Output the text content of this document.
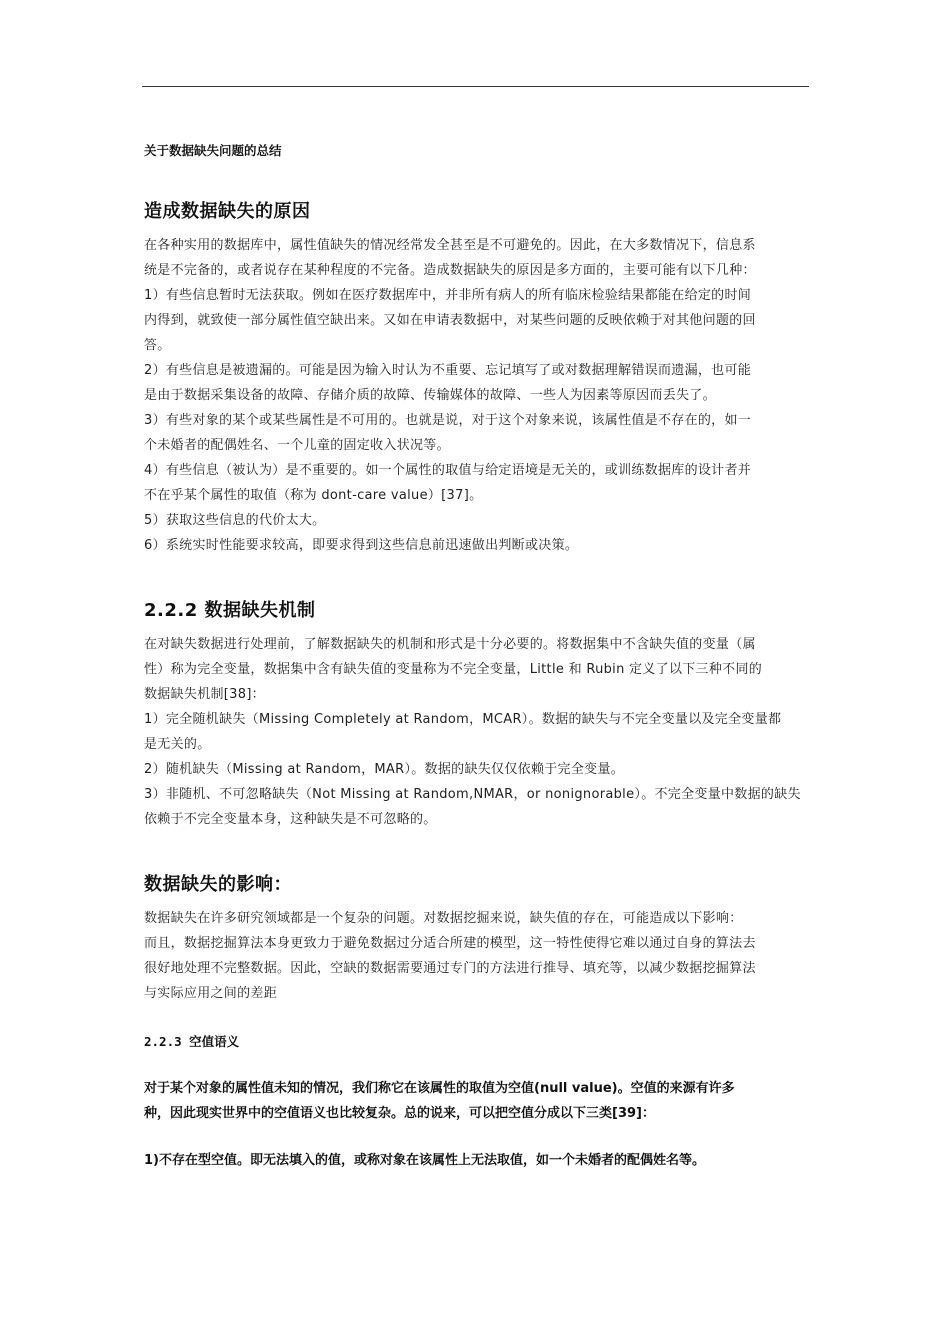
关于数据缺失问题的总结
造成数据缺失的原因

在各种实用的数据库中，属性值缺失的情况经常发全甚至是不可避免的。因此，在大多数情况下，信息系

统是不完备的，或者说存在某种程度的不完备。造成数据缺失的原因是多方面的，主要可能有以下几种：

1）有些信息暂时无法获取。例如在医疗数据库中，并非所有病人的所有临床检验结果都能在给定的时间

内得到，就致使一部分属性值空缺出来。又如在申请表数据中，对某些问题的反映依赖于对其他问题的回

答。

2）有些信息是被遗漏的。可能是因为输入时认为不重要、忘记填写了或对数据理解错误而遗漏，也可能

是由于数据采集设备的故障、存储介质的故障、传输媒体的故障、一些人为因素等原因而丢失了。

3）有些对象的某个或某些属性是不可用的。也就是说，对于这个对象来说，该属性值是不存在的，如一

个未婚者的配偶姓名、一个儿童的固定收入状况等。

4）有些信息（被认为）是不重要的。如一个属性的取值与给定语境是无关的，或训练数据库的设计者并

不在乎某个属性的取值（称为 dont-care value）[37]。

5）获取这些信息的代价太大。

6）系统实时性能要求较高，即要求得到这些信息前迅速做出判断或决策。

2.2.2 数据缺失机制

在对缺失数据进行处理前，了解数据缺失的机制和形式是十分必要的。将数据集中不含缺失值的变量（属

性）称为完全变量，数据集中含有缺失值的变量称为不完全变量，Little 和 Rubin 定义了以下三种不同的

数据缺失机制[38]：

1）完全随机缺失（Missing Completely at Random，MCAR）。数据的缺失与不完全变量以及完全变量都

是无关的。

2）随机缺失（Missing at Random，MAR）。数据的缺失仅仅依赖于完全变量。

3）非随机、不可忽略缺失（Not Missing at Random,NMAR，or nonignorable）。不完全变量中数据的缺失

依赖于不完全变量本身，这种缺失是不可忽略的。

数据缺失的影响：

数据缺失在许多研究领域都是一个复杂的问题。对数据挖掘来说，缺失值的存在，可能造成以下影响：

而且，数据挖掘算法本身更致力于避免数据过分适合所建的模型，这一特性使得它难以通过自身的算法去

很好地处理不完整数据。因此，空缺的数据需要通过专门的方法进行推导、填充等，以减少数据挖掘算法

与实际应用之间的差距

2.2.3 空值语义

对于某个对象的属性值未知的情况，我们称它在该属性的取值为空值(null value)。空值的来源有许多

种，因此现实世界中的空值语义也比较复杂。总的说来，可以把空值分成以下三类[39]：

1)不存在型空值。即无法填入的值，或称对象在该属性上无法取值，如一个未婚者的配偶姓名等。
